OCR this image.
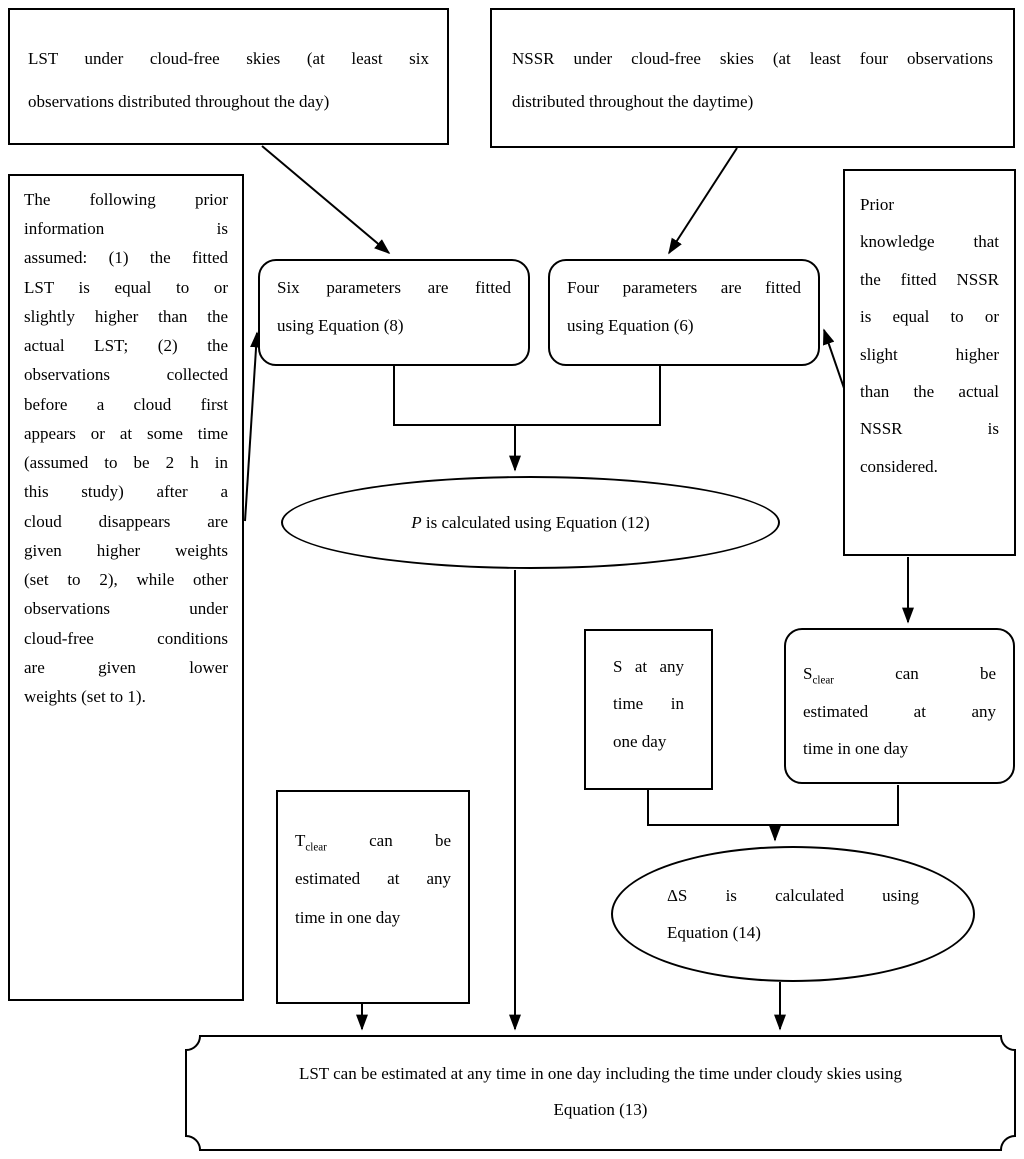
LST under cloud-free skies (at least six
observations distributed throughout the day)
NSSR under cloud-free skies (at least four observations
distributed throughout the daytime)
The following prior
information is
assumed: (1) the fitted
LST is equal to or
slightly higher than the
actual LST; (2) the
observations collected
before a cloud first
appears or at some time
(assumed to be 2 h in
this study) after a
cloud disappears are
given higher weights
(set to 2), while other
observations under
cloud-free conditions
are given lower
weights (set to 1).
Six parameters are fitted
using Equation (8)
Four parameters are fitted
using Equation (6)
Prior
knowledge that
the fitted NSSR
is equal to or
slight higher
than the actual
NSSR is
considered.
P is calculated using Equation (12)
S at any
time in
one day
$S_{clear}$ can be
estimated at any
time in one day
$T_{clear}$ can be
estimated at any
time in one day
ΔS is calculated using
Equation (14)
LST can be estimated at any time in one day including the time under cloudy skies using
Equation (13)
